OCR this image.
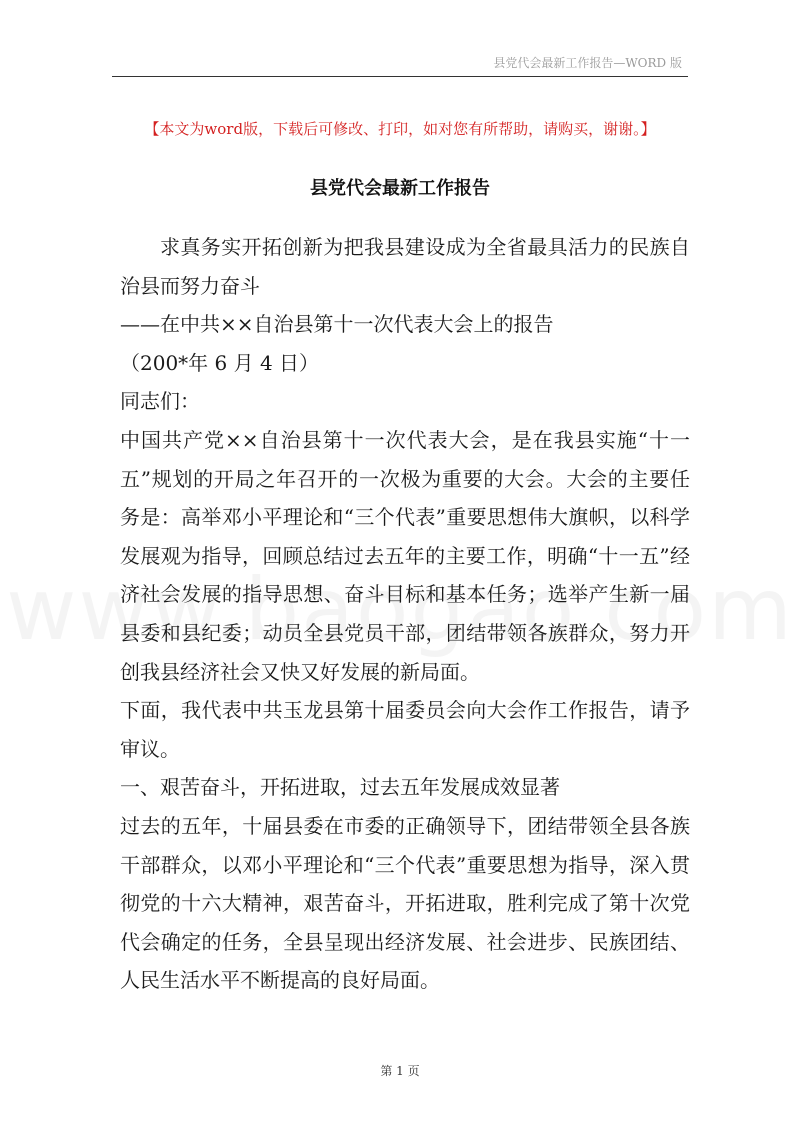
县党代会最新工作报告—WORD 版
【本文为word版，下载后可修改、打印，如对您有所帮助，请购买，谢谢。】
县党代会最新工作报告

求真务实开拓创新为把我县建设成为全省最具活力的民族自治县而努力奋斗

——在中共××自治县第十一次代表大会上的报告

（200*年 6 月 4 日）

同志们：

中国共产党××自治县第十一次代表大会，是在我县实施“十一五”规划的开局之年召开的一次极为重要的大会。大会的主要任务是：高举邓小平理论和“三个代表”重要思想伟大旗帜，以科学发展观为指导，回顾总结过去五年的主要工作，明确“十一五”经济社会发展的指导思想、奋斗目标和基本任务；选举产生新一届县委和县纪委；动员全县党员干部，团结带领各族群众，努力开创我县经济社会又快又好发展的新局面。

下面，我代表中共玉龙县第十届委员会向大会作工作报告，请予审议。

一、艰苦奋斗，开拓进取，过去五年发展成效显著

过去的五年，十届县委在市委的正确领导下，团结带领全县各族干部群众，以邓小平理论和“三个代表”重要思想为指导，深入贯彻党的十六大精神，艰苦奋斗，开拓进取，胜利完成了第十次党代会确定的任务，全县呈现出经济发展、社会进步、民族团结、人民生活水平不断提高的良好局面。

第 1 页
